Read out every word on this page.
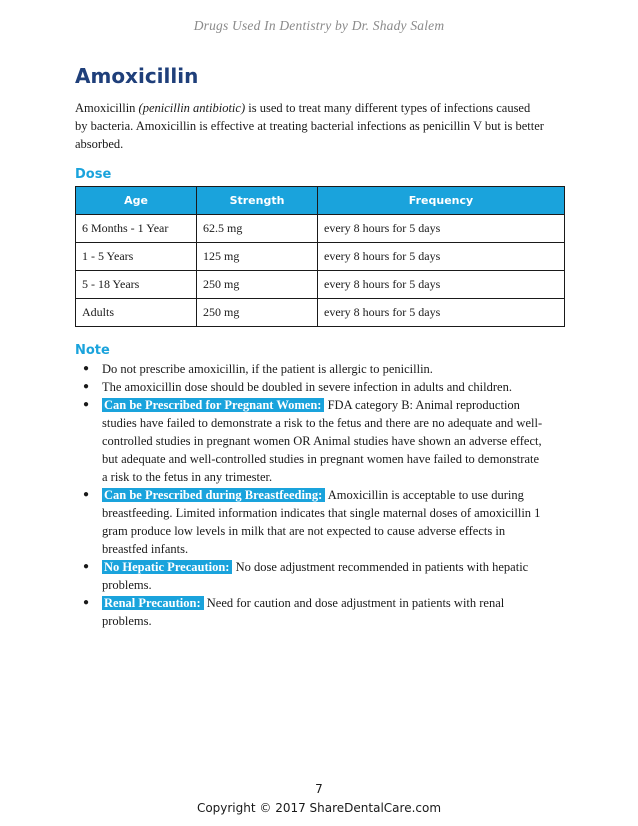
Drugs Used In Dentistry by Dr. Shady Salem
Amoxicillin
Amoxicillin (penicillin antibiotic) is used to treat many different types of infections caused by bacteria. Amoxicillin is effective at treating bacterial infections as penicillin V but is better absorbed.
Dose
Age	Strength	Frequency
6 Months - 1 Year	62.5 mg	every 8 hours for 5 days
1 - 5 Years	125 mg	every 8 hours for 5 days
5 - 18 Years	250 mg	every 8 hours for 5 days
Adults	250 mg	every 8 hours for 5 days
Note
● Do not prescribe amoxicillin, if the patient is allergic to penicillin.
● The amoxicillin dose should be doubled in severe infection in adults and children.
● Can be Prescribed for Pregnant Women: FDA category B: Animal reproduction studies have failed to demonstrate a risk to the fetus and there are no adequate and well-controlled studies in pregnant women OR Animal studies have shown an adverse effect, but adequate and well-controlled studies in pregnant women have failed to demonstrate a risk to the fetus in any trimester.
● Can be Prescribed during Breastfeeding: Amoxicillin is acceptable to use during breastfeeding. Limited information indicates that single maternal doses of amoxicillin 1 gram produce low levels in milk that are not expected to cause adverse effects in breastfed infants.
● No Hepatic Precaution: No dose adjustment recommended in patients with hepatic problems.
● Renal Precaution: Need for caution and dose adjustment in patients with renal problems.
7
Copyright © 2017 ShareDentalCare.com
